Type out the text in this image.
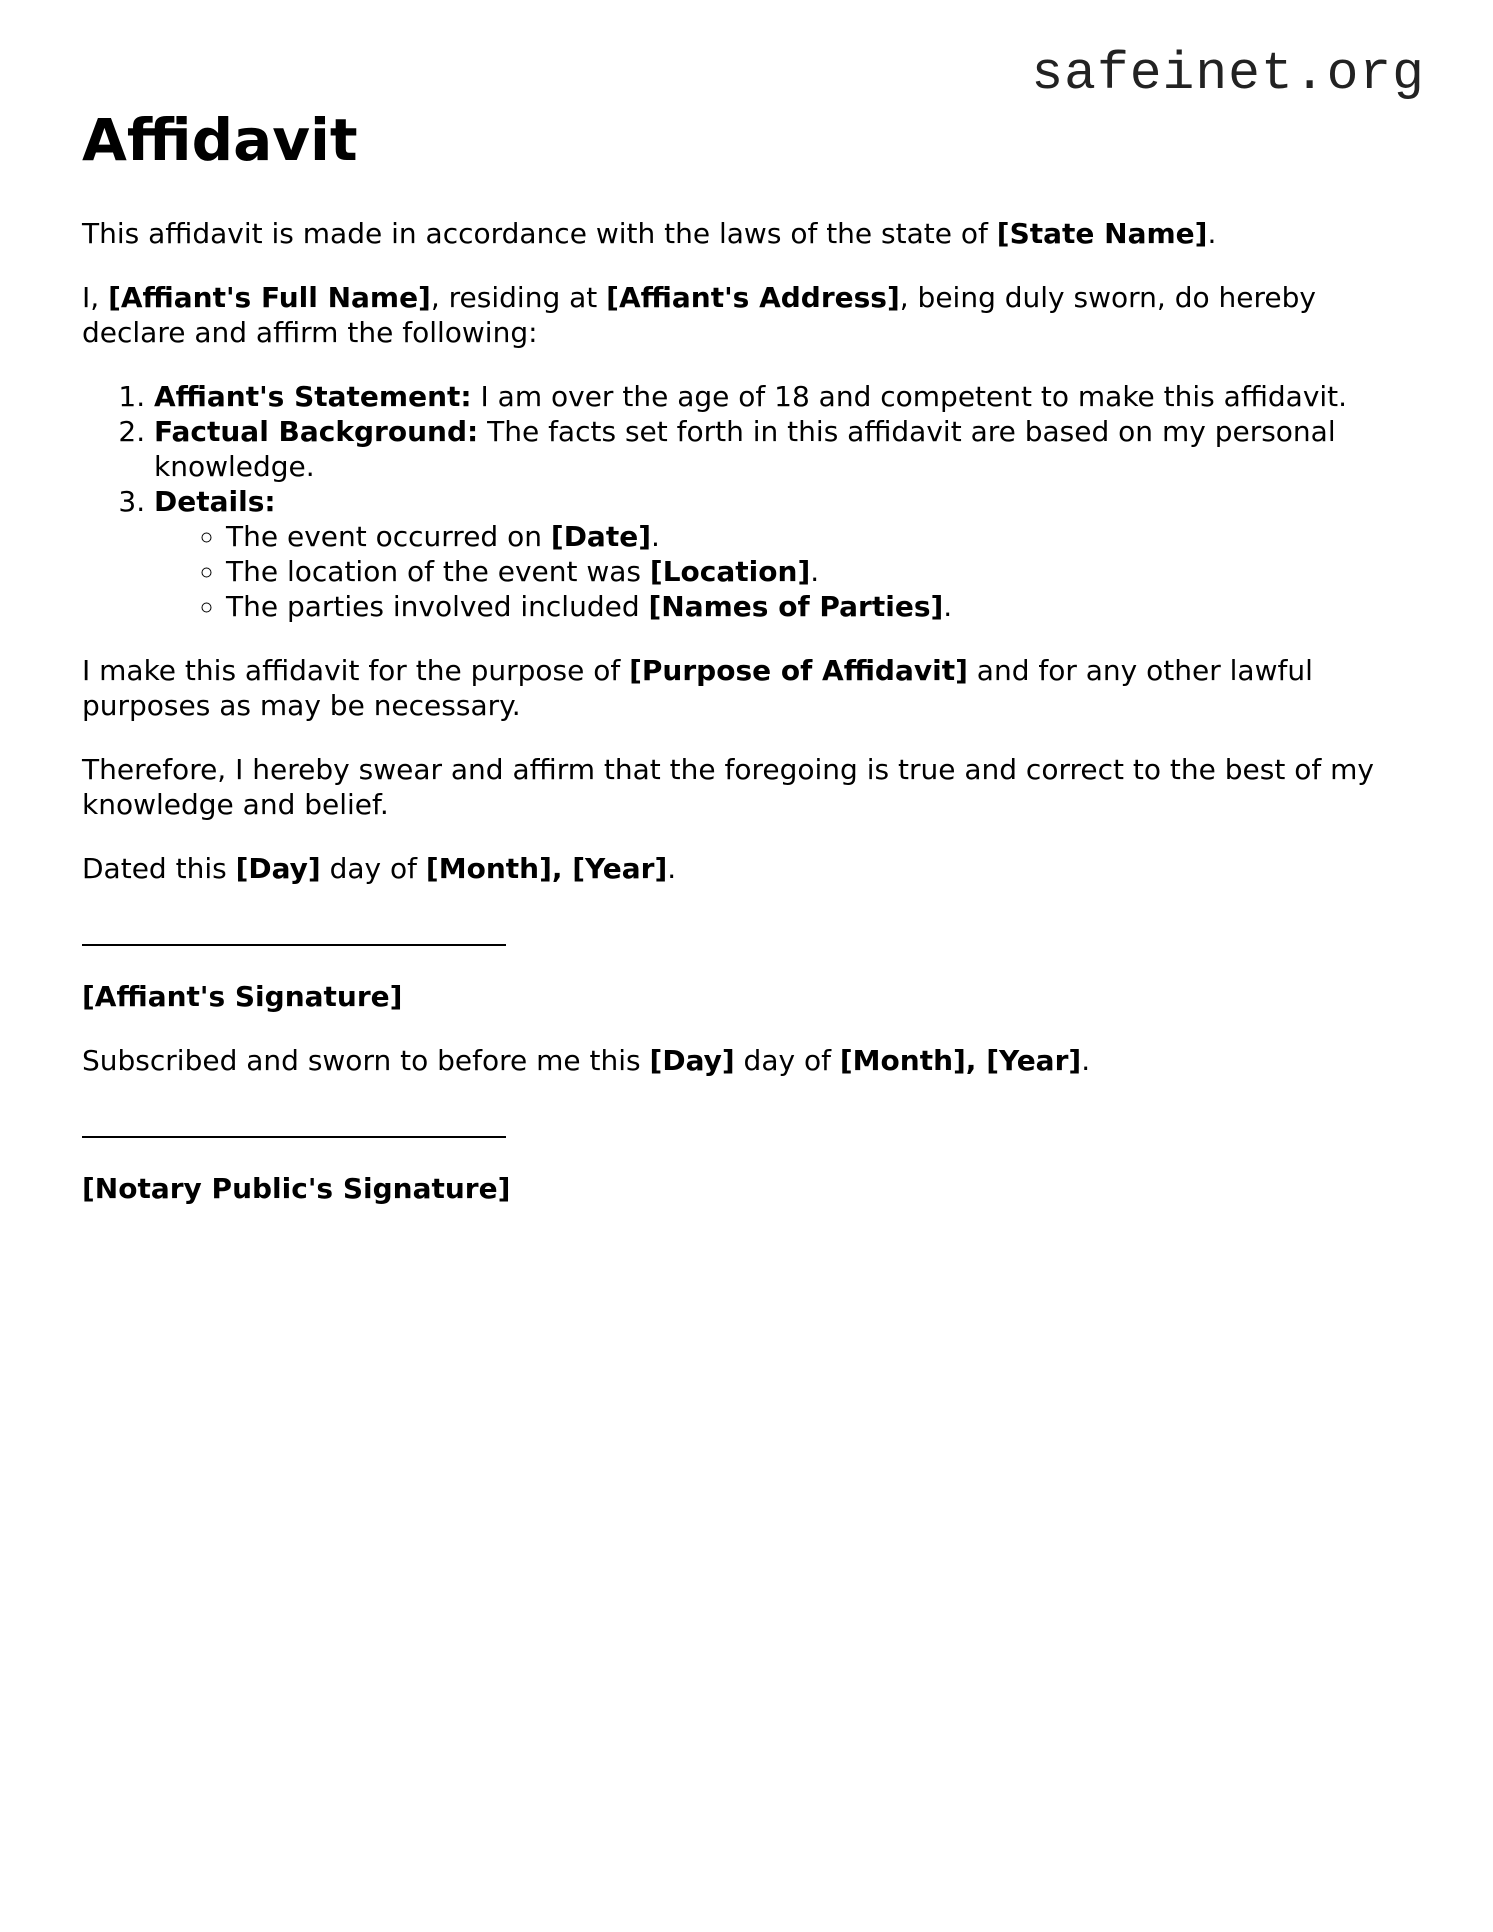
safeinet.org
Affidavit

This affidavit is made in accordance with the laws of the state of [State Name].

I, [Affiant's Full Name], residing at [Affiant's Address], being duly sworn, do hereby declare and affirm the following:

1. Affiant's Statement: I am over the age of 18 and competent to make this affidavit.
2. Factual Background: The facts set forth in this affidavit are based on my personal knowledge.
3. Details:
◦ The event occurred on [Date].
◦ The location of the event was [Location].
◦ The parties involved included [Names of Parties].

I make this affidavit for the purpose of [Purpose of Affidavit] and for any other lawful purposes as may be necessary.

Therefore, I hereby swear and affirm that the foregoing is true and correct to the best of my knowledge and belief.

Dated this [Day] day of [Month], [Year].

[Affiant's Signature]

Subscribed and sworn to before me this [Day] day of [Month], [Year].

[Notary Public's Signature]
